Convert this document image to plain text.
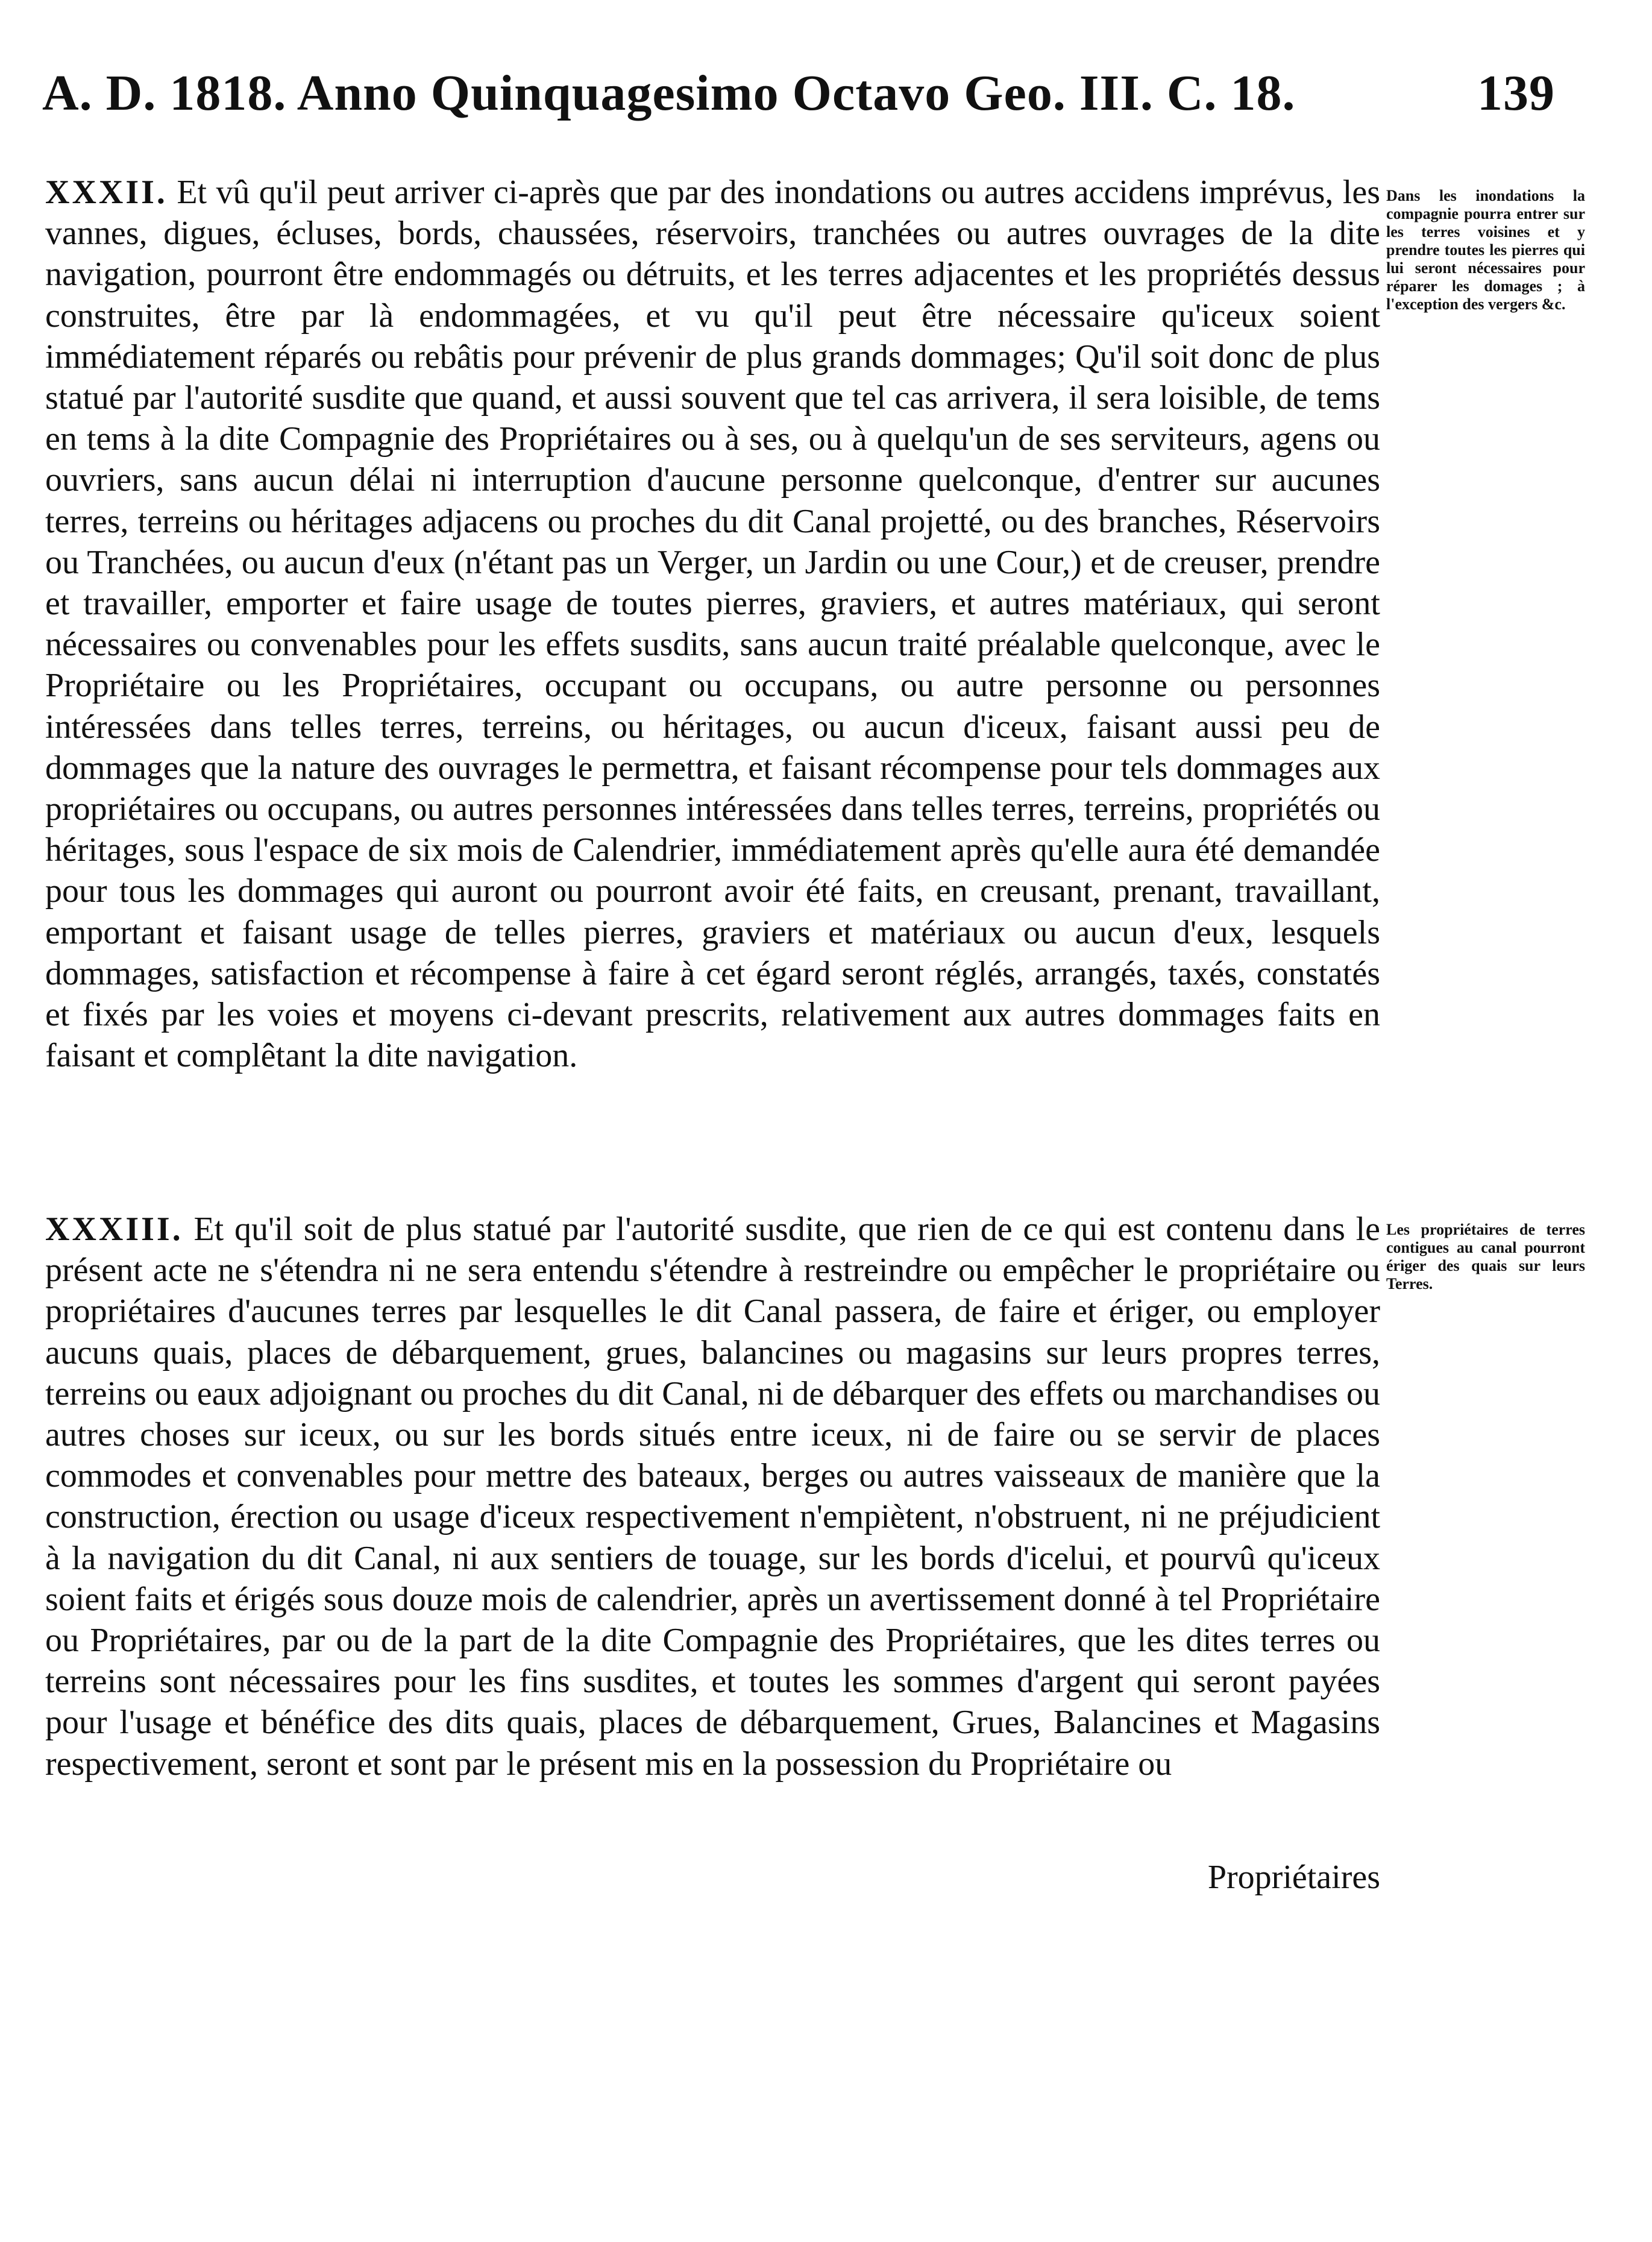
A. D. 1818. Anno Quinquagesimo Octavo Geo. III. C. 18.	139

XXXII. Et vû qu'il peut arriver ci-après que par des inondations ou autres accidens imprévus, les vannes, digues, écluses, bords, chaussées, réservoirs, tranchées ou autres ouvrages de la dite navigation, pourront être endommagés ou détruits, et les terres adjacentes et les propriétés dessus construites, être par là endommagées, et vu qu'il peut être nécessaire qu'iceux soient immédiatement réparés ou rebâtis pour prévenir de plus grands dommages; Qu'il soit donc de plus statué par l'autorité susdite que quand, et aussi souvent que tel cas arrivera, il sera loisible, de tems en tems à la dite Compagnie des Propriétaires ou à ses, ou à quelqu'un de ses serviteurs, agens ou ouvriers, sans aucun délai ni interruption d'aucune personne quelconque, d'entrer sur aucunes terres, terreins ou héritages adjacens ou proches du dit Canal projetté, ou des branches, Réservoirs ou Tranchées, ou aucun d'eux (n'étant pas un Verger, un Jardin ou une Cour,) et de creuser, prendre et travailler, emporter et faire usage de toutes pierres, graviers, et autres matériaux, qui seront nécessaires ou convenables pour les effets susdits, sans aucun traité préalable quelconque, avec le Propriétaire ou les Propriétaires, occupant ou occupans, ou autre personne ou personnes intéressées dans telles terres, terreins, ou héritages, ou aucun d'iceux, faisant aussi peu de dommages que la nature des ouvrages le permettra, et faisant récompense pour tels dommages aux propriétaires ou occupans, ou autres personnes intéressées dans telles terres, terreins, propriétés ou héritages, sous l'espace de six mois de Calendrier, immédiatement après qu'elle aura été demandée pour tous les dommages qui auront ou pourront avoir été faits, en creusant, prenant, travaillant, emportant et faisant usage de telles pierres, graviers et matériaux ou aucun d'eux, lesquels dommages, satisfaction et récompense à faire à cet égard seront réglés, arrangés, taxés, constatés et fixés par les voies et moyens ci-devant prescrits, relativement aux autres dommages faits en faisant et complêtant la dite navigation.

Dans les inondations la compagnie pourra entrer sur les terres voisines et y prendre toutes les pierres qui lui seront nécessaires pour réparer les domages ; à l'exception des vergers &c.

XXXIII. Et qu'il soit de plus statué par l'autorité susdite, que rien de ce qui est contenu dans le présent acte ne s'étendra ni ne sera entendu s'étendre à restreindre ou empêcher le propriétaire ou propriétaires d'aucunes terres par lesquelles le dit Canal passera, de faire et ériger, ou employer aucuns quais, places de débarquement, grues, balancines ou magasins sur leurs propres terres, terreins ou eaux adjoignant ou proches du dit Canal, ni de débarquer des effets ou marchandises ou autres choses sur iceux, ou sur les bords situés entre iceux, ni de faire ou se servir de places commodes et convenables pour mettre des bateaux, berges ou autres vaisseaux de manière que la construction, érection ou usage d'iceux respectivement n'empiètent, n'obstruent, ni ne préjudicient à la navigation du dit Canal, ni aux sentiers de touage, sur les bords d'icelui, et pourvû qu'iceux soient faits et érigés sous douze mois de calendrier, après un avertissement donné à tel Propriétaire ou Propriétaires, par ou de la part de la dite Compagnie des Propriétaires, que les dites terres ou terreins sont nécessaires pour les fins susdites, et toutes les sommes d'argent qui seront payées pour l'usage et bénéfice des dits quais, places de débarquement, Grues, Balancines et Magasins respectivement, seront et sont par le présent mis en la possession du Propriétaire ou

Les propriétaires de terres contigues au canal pourront ériger des quais sur leurs Terres.
Propriétaires
